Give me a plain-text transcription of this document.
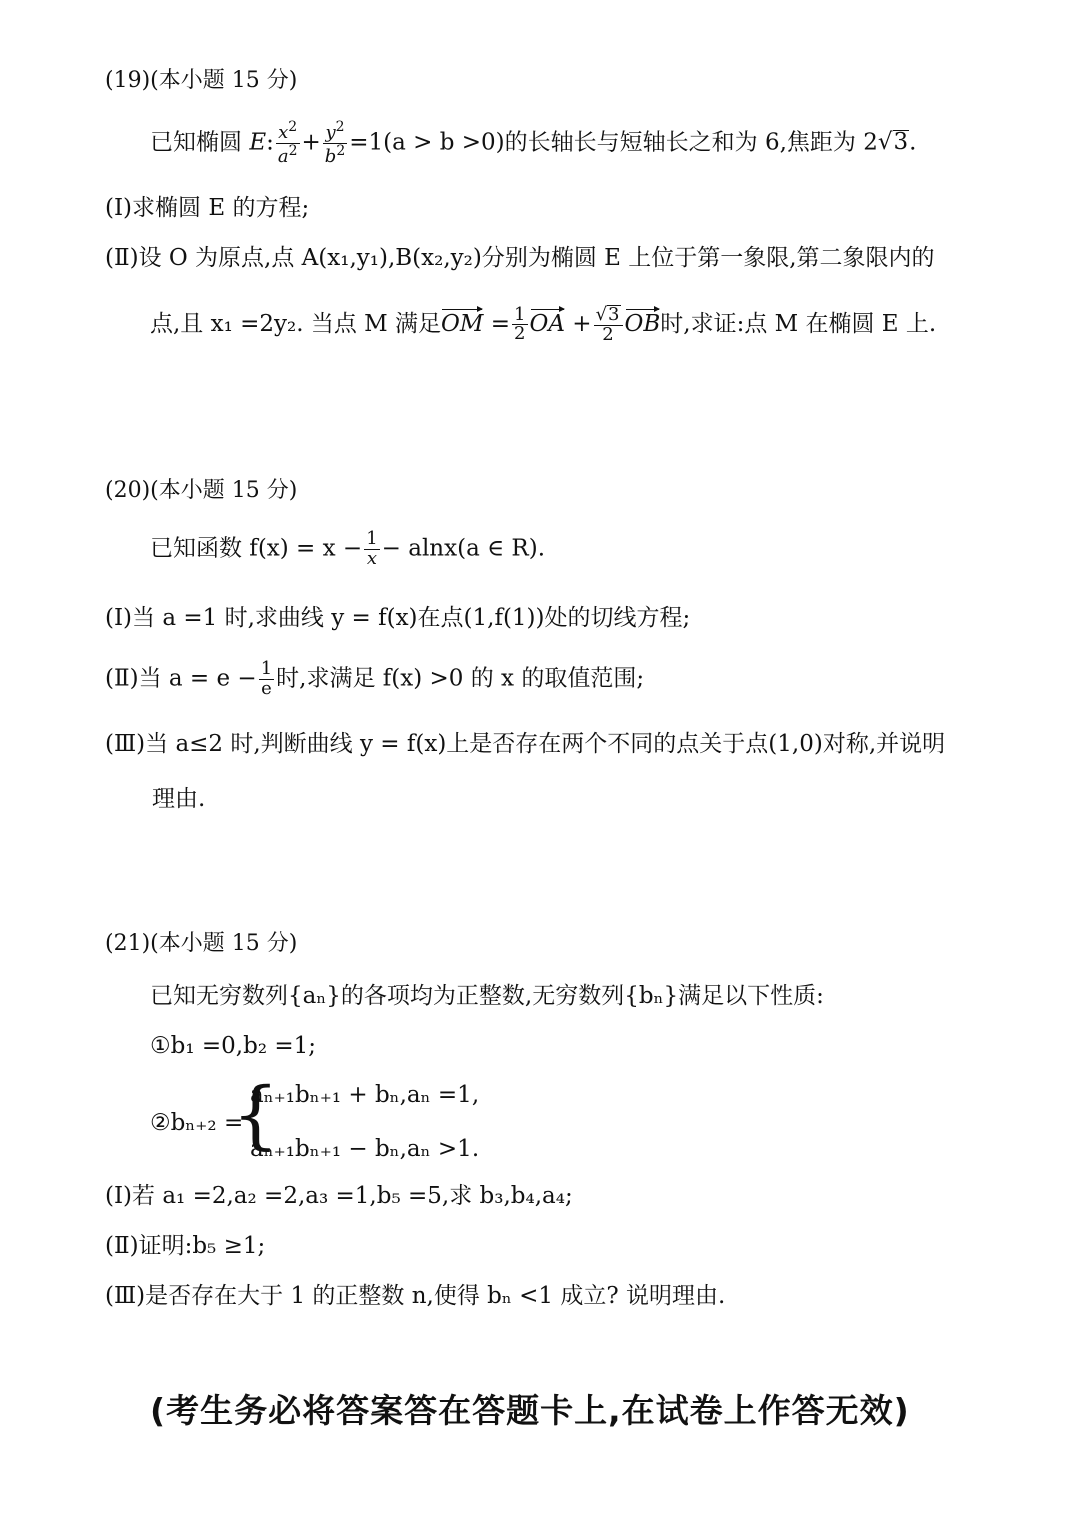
(19)(本小题 15 分)
已知椭圆 E: $\frac{x^2}{a^2} + \frac{y^2}{b^2} =1(a > b >0)$的长轴长与短轴长之和为 6,焦距为 2√3.
(Ⅰ)求椭圆 E 的方程;
(Ⅱ)设 O 为原点,点 A(x₁,y₁),B(x₂,y₂)分别为椭圆 E 上位于第一象限,第二象限内的
点,且 x₁ =2y₂. 当点 M 满足OM = $\frac{1}{2}$ OA + $\frac{√3}{2}$ OB时,求证:点 M 在椭圆 E 上.
(20)(本小题 15 分)
已知函数 $f(x) = x - \frac{1}{x} - alnx(a$ ∈ R).
(Ⅰ)当 a =1 时,求曲线 y = f(x)在点(1,f(1))处的切线方程;
(Ⅱ)当 $a = e - \frac{1}{e}$ 时,求满足 f(x) >0 的 x 的取值范围;
(Ⅲ)当 a≤2 时,判断曲线 y = f(x)上是否存在两个不同的点关于点(1,0)对称,并说明
理由.
(21)(本小题 15 分)
已知无穷数列{aₙ}的各项均为正整数,无穷数列{bₙ}满足以下性质:
①b₁ =0,b₂ =1;
②bₙ₊₂ =
{
aₙ₊₁bₙ₊₁ + bₙ,aₙ =1,
aₙ₊₁bₙ₊₁ − bₙ,aₙ >1.
(Ⅰ)若 a₁ =2,a₂ =2,a₃ =1,b₅ =5,求 b₃,b₄,a₄;
(Ⅱ)证明:b₅ ≥1;
(Ⅲ)是否存在大于 1 的正整数 n,使得 bₙ <1 成立? 说明理由.
(考生务必将答案答在答题卡上,在试卷上作答无效)
